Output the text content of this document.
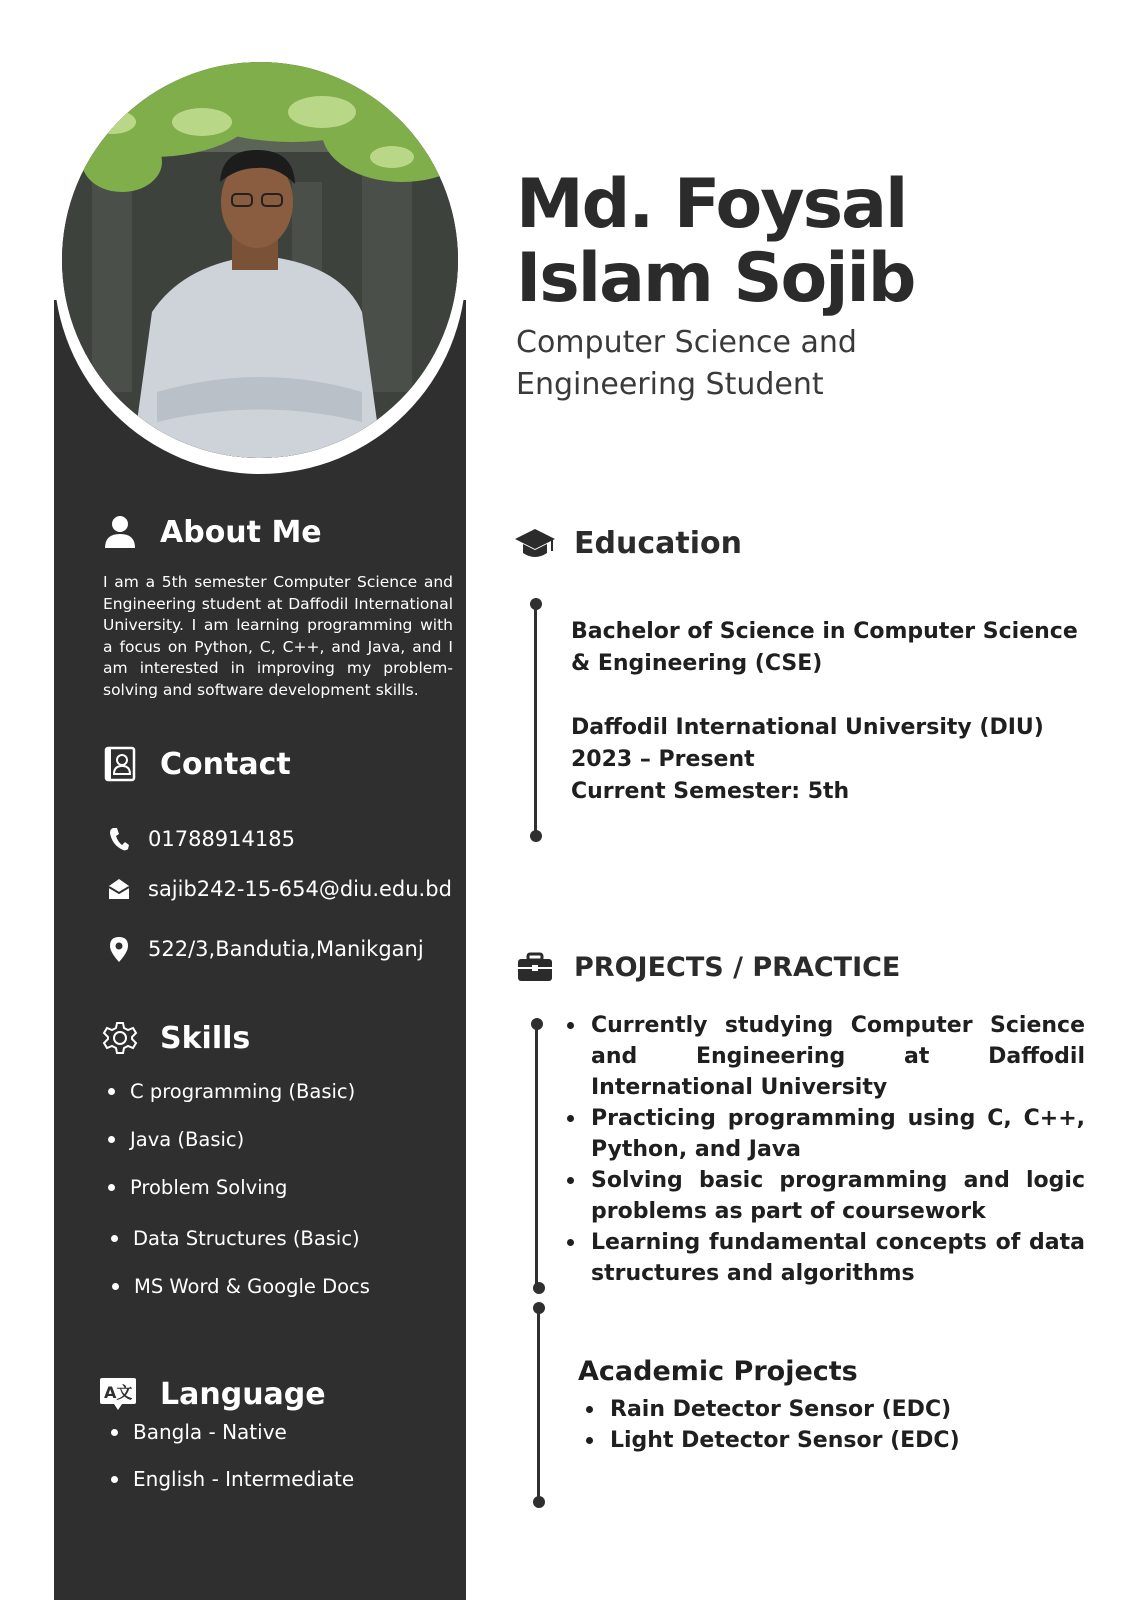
Md. Foysal
Islam Sojib

Computer Science and Engineering Student

About Me

I am a 5th semester Computer Science and Engineering student at Daffodil International University. I am learning programming with a focus on Python, C, C++, and Java, and I am interested in improving my problem-solving and software development skills.

Contact
01788914185
sajib242-15-654@diu.edu.bd
522/3,Bandutia,Manikganj
Skills
C programming (Basic)
Java (Basic)
Problem Solving
Data Structures (Basic)
MS Word & Google Docs
A文 Language
Bangla - Native
English - Intermediate
Education

Bachelor of Science in Computer Science & Engineering (CSE)

Daffodil International University (DIU)

2023 – Present

Current Semester: 5th

PROJECTS / PRACTICE
Currently studying Computer Science and Engineering at Daffodil International University
Practicing programming using C, C++, Python, and Java
Solving basic programming and logic problems as part of coursework
Learning fundamental concepts of data structures and algorithms
Academic Projects
Rain Detector Sensor (EDC)
Light Detector Sensor (EDC)
